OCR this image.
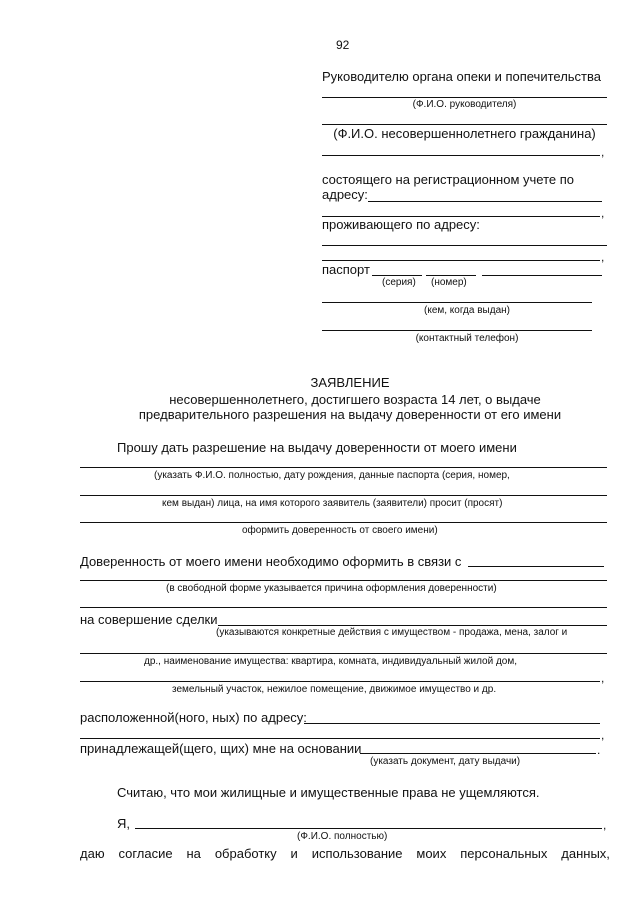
92
Руководителю органа опеки и попечительства
(Ф.И.О. руководителя)
(Ф.И.О. несовершеннолетнего гражданина)
,
состоящего на регистрационном учете по
адресу:
,
проживающего по адресу:
,
паспорт
(серия) (номер)
(кем, когда выдан)
(контактный телефон)
ЗАЯВЛЕНИЕ
несовершеннолетнего, достигшего возраста 14 лет, о выдаче
предварительного разрешения на выдачу доверенности от его имени
Прошу дать разрешение на выдачу доверенности от моего имени
(указать Ф.И.О. полностью, дату рождения, данные паспорта (серия, номер,
кем выдан) лица, на имя которого заявитель (заявители) просит (просят)
оформить доверенность от своего имени)
Доверенность от моего имени необходимо оформить в связи с
(в свободной форме указывается причина оформления доверенности)
на совершение сделки
(указываются конкретные действия с имуществом - продажа, мена, залог и
др., наименование имущества: квартира, комната, индивидуальный жилой дом,
,
земельный участок, нежилое помещение, движимое имущество и др.
расположенной(ного, ных) по адресу:
,
принадлежащей(щего, щих) мне на основании	.
(указать документ, дату выдачи)
Считаю, что мои жилищные и имущественные права не ущемляются.
Я,	,
(Ф.И.О. полностью)
даю согласие на обработку и использование моих персональных данных,
